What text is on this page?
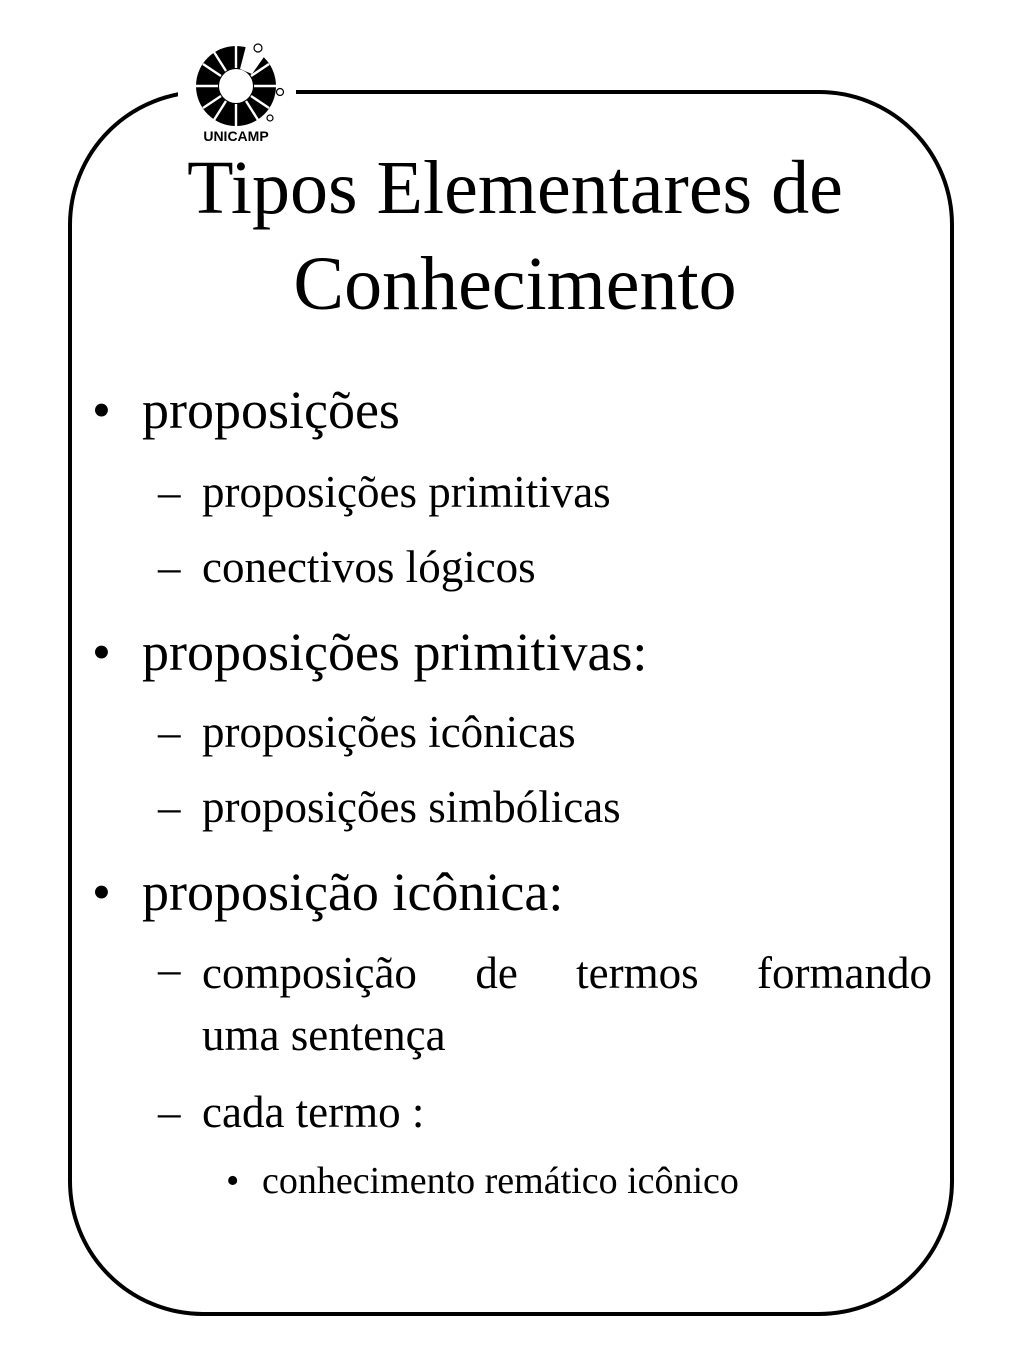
UNICAMP
Tipos Elementares de
Conhecimento
• proposições
– proposições primitivas
– conectivos lógicos
• proposições primitivas:
– proposições icônicas
– proposições simbólicas
• proposição icônica:
– composição de termos formando
uma sentença
– cada termo :
• conhecimento remático icônico
